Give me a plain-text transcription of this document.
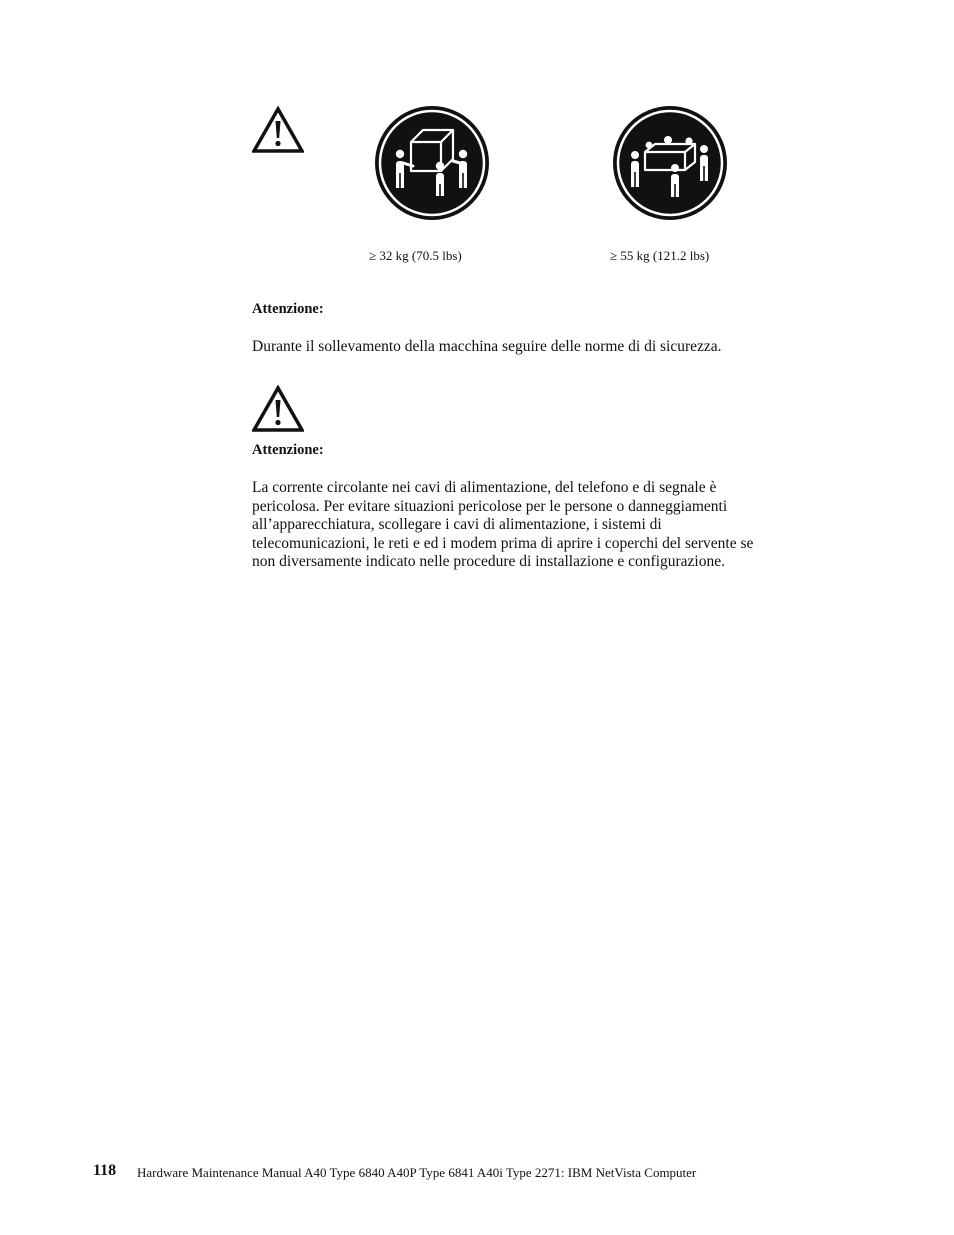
≥ 32 kg (70.5 lbs)	≥ 55 kg (121.2 lbs)
Attenzione:
Durante il sollevamento della macchina seguire delle norme di di sicurezza.
Attenzione:
La corrente circolante nei cavi di alimentazione, del telefono e di segnale è
pericolosa. Per evitare situazioni pericolose per le persone o danneggiamenti
all’apparecchiatura, scollegare i cavi di alimentazione, i sistemi di
telecomunicazioni, le reti e ed i modem prima di aprire i coperchi del servente se
non diversamente indicato nelle procedure di installazione e configurazione.
118 Hardware Maintenance Manual A40 Type 6840 A40P Type 6841 A40i Type 2271: IBM NetVista Computer
